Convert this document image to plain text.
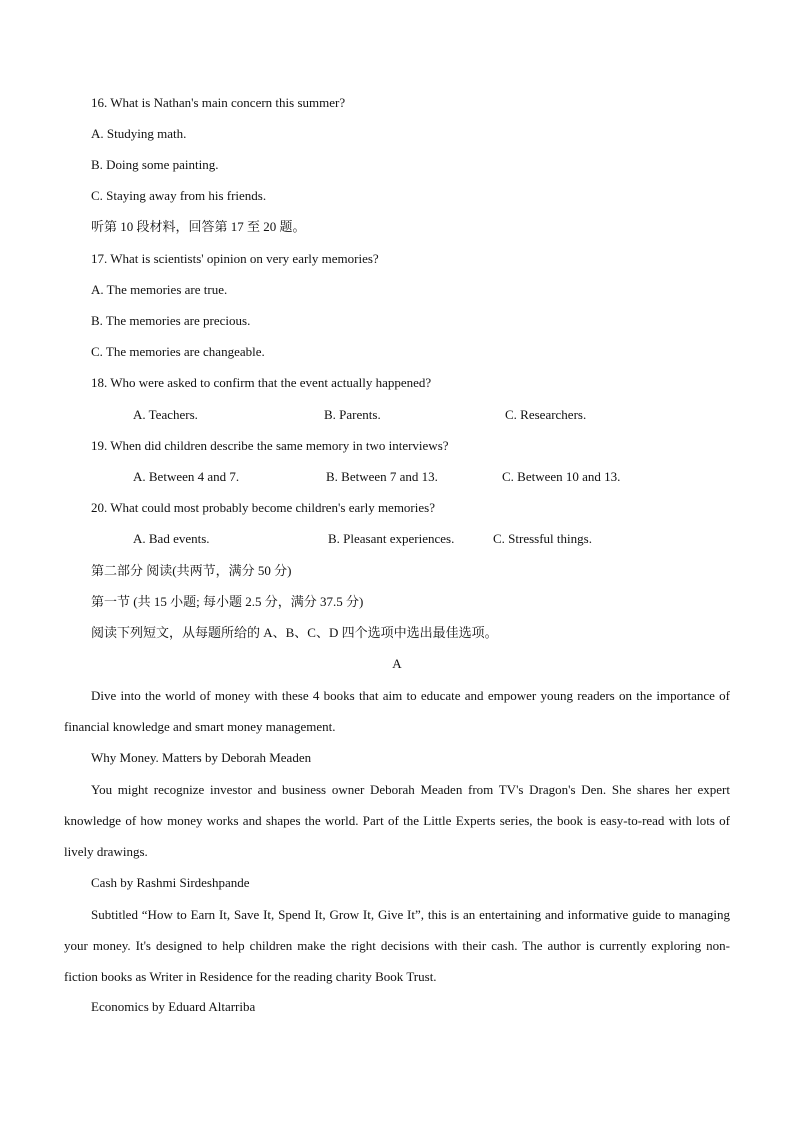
16. What is Nathan's main concern this summer?
A. Studying math.
B. Doing some painting.
C. Staying away from his friends.
听第 10 段材料，回答第 17 至 20 题。
17. What is scientists' opinion on very early memories?
A. The memories are true.
B. The memories are precious.
C. The memories are changeable.
18. Who were asked to confirm that the event actually happened?
A. Teachers.	B. Parents.	C. Researchers.
19. When did children describe the same memory in two interviews?
A. Between 4 and 7.	B. Between 7 and 13.	C. Between 10 and 13.
20. What could most probably become children's early memories?
A. Bad events.	B. Pleasant experiences.	C. Stressful things.
第二部分 阅读(共两节，满分 50 分)
第一节 (共 15 小题; 每小题 2.5 分，满分 37.5 分)
阅读下列短文，从每题所给的 A、B、C、D 四个选项中选出最佳选项。
A
Dive into the world of money with these 4 books that aim to educate and empower young readers on the importance of financial knowledge and smart money management.
Why Money. Matters by Deborah Meaden
You might recognize investor and business owner Deborah Meaden from TV's Dragon's Den. She shares her expert knowledge of how money works and shapes the world. Part of the Little Experts series, the book is easy-to-read with lots of lively drawings.
Cash by Rashmi Sirdeshpande
Subtitled “How to Earn It, Save It, Spend It, Grow It, Give It”, this is an entertaining and informative guide to managing your money. It's designed to help children make the right decisions with their cash. The author is currently exploring non-fiction books as Writer in Residence for the reading charity Book Trust.
Economics by Eduard Altarriba
